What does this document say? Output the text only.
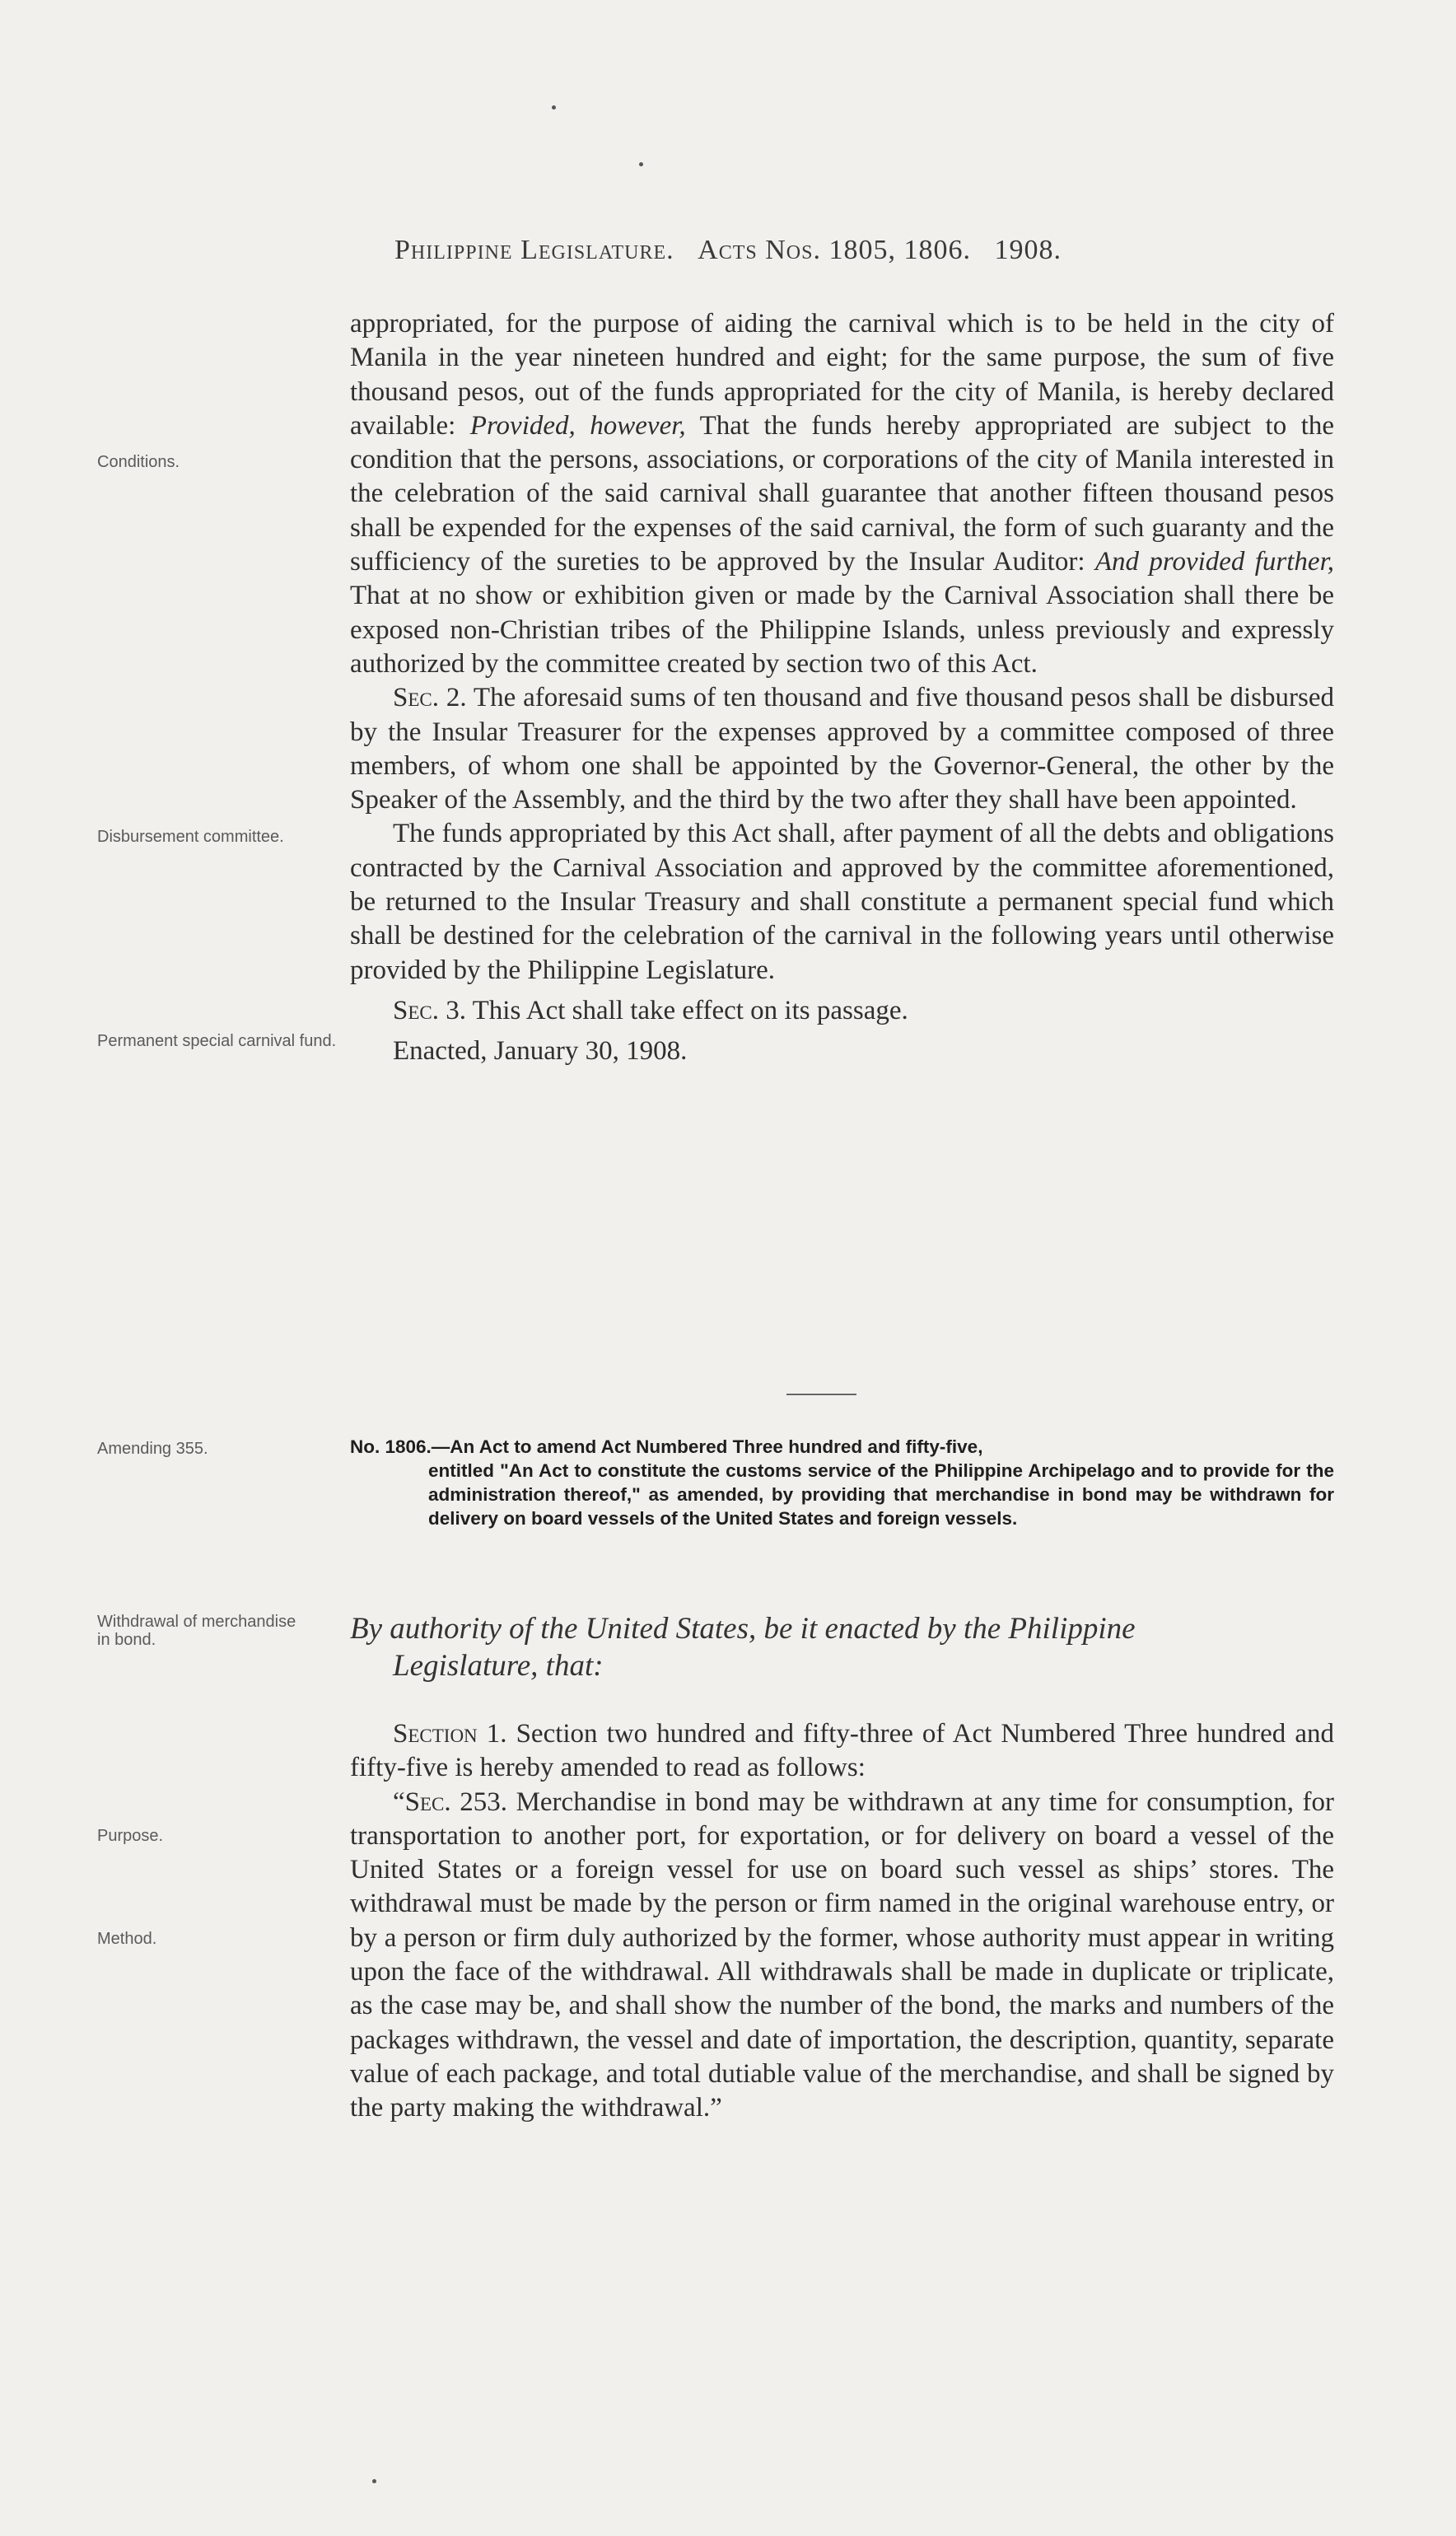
Philippine Legislature. Acts Nos. 1805, 1806. 1908.
Conditions.
Disbursement committee.
Permanent special carnival fund.
Amending 355.
Withdrawal of merchandise in bond.
Purpose.
Method.

appropriated, for the purpose of aiding the carnival which is to be held in the city of Manila in the year nineteen hundred and eight; for the same purpose, the sum of five thousand pesos, out of the funds appropriated for the city of Manila, is hereby declared available: Provided, however, That the funds hereby appropriated are subject to the condition that the persons, associations, or corporations of the city of Manila interested in the celebration of the said carnival shall guarantee that another fifteen thousand pesos shall be expended for the expenses of the said carnival, the form of such guaranty and the sufficiency of the sureties to be approved by the Insular Auditor: And provided further, That at no show or exhibition given or made by the Carnival Association shall there be exposed non-Christian tribes of the Philippine Islands, unless previously and expressly authorized by the committee created by section two of this Act.

Sec. 2. The aforesaid sums of ten thousand and five thousand pesos shall be disbursed by the Insular Treasurer for the expenses approved by a committee composed of three members, of whom one shall be appointed by the Governor-General, the other by the Speaker of the Assembly, and the third by the two after they shall have been appointed.

The funds appropriated by this Act shall, after payment of all the debts and obligations contracted by the Carnival Association and approved by the committee aforementioned, be returned to the Insular Treasury and shall constitute a permanent special fund which shall be destined for the celebration of the carnival in the following years until otherwise provided by the Philippine Legislature.

Sec. 3. This Act shall take effect on its passage.

Enacted, January 30, 1908.

No. 1806.—An Act to amend Act Numbered Three hundred and fifty-five,
entitled "An Act to constitute the customs service of the Philippine Archipelago and to provide for the administration thereof," as amended, by providing that merchandise in bond may be withdrawn for delivery on board vessels of the United States and foreign vessels.
By authority of the United States, be it enacted by the Philippine
Legislature, that:

Section 1. Section two hundred and fifty-three of Act Numbered Three hundred and fifty-five is hereby amended to read as follows:

“Sec. 253. Merchandise in bond may be withdrawn at any time for consumption, for transportation to another port, for exportation, or for delivery on board a vessel of the United States or a foreign vessel for use on board such vessel as ships’ stores. The withdrawal must be made by the person or firm named in the original warehouse entry, or by a person or firm duly authorized by the former, whose authority must appear in writing upon the face of the withdrawal. All withdrawals shall be made in duplicate or triplicate, as the case may be, and shall show the number of the bond, the marks and numbers of the packages withdrawn, the vessel and date of importation, the description, quantity, separate value of each package, and total dutiable value of the merchandise, and shall be signed by the party making the withdrawal.”
